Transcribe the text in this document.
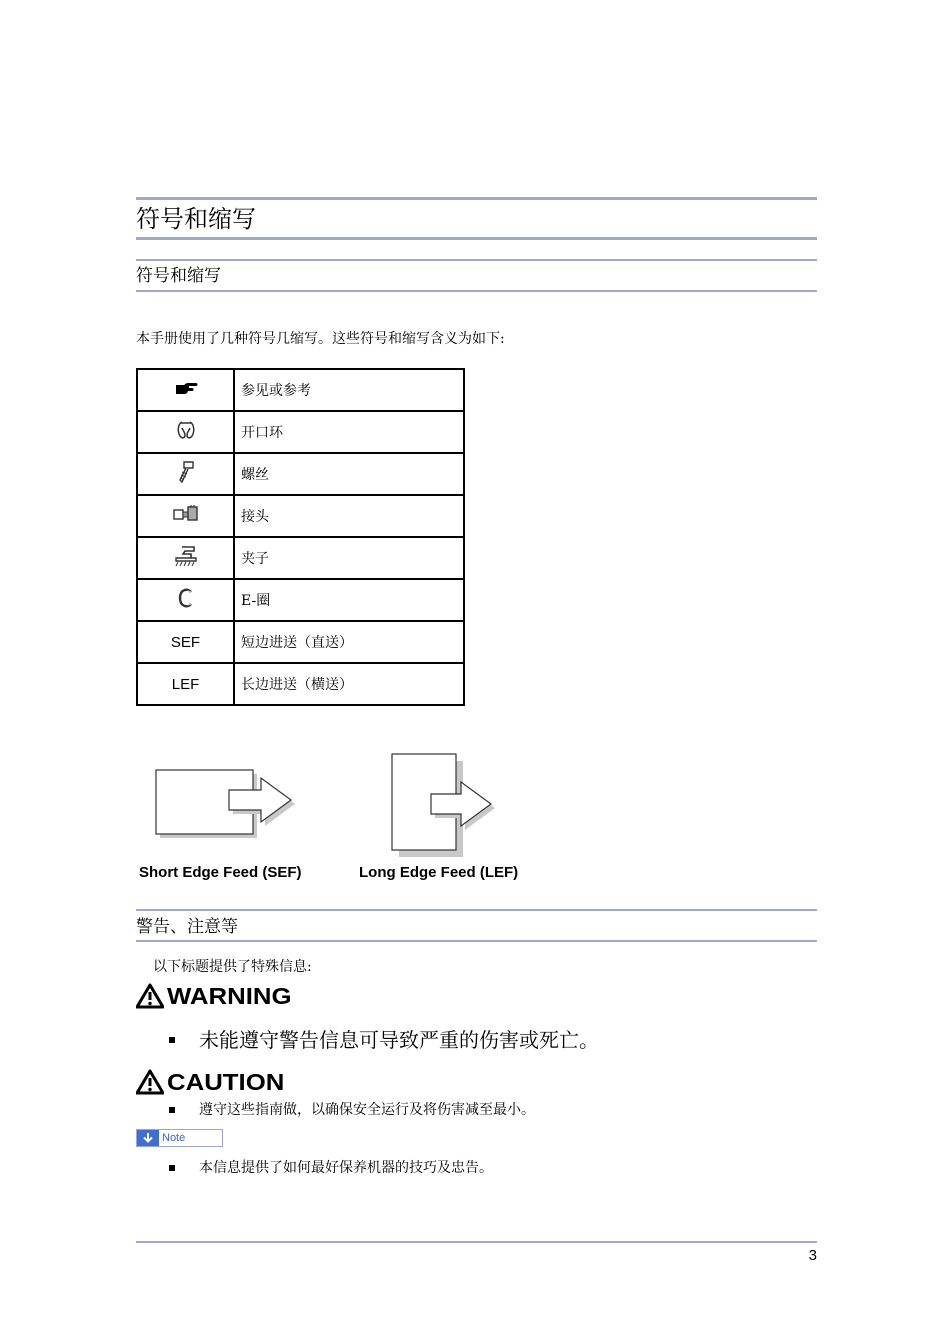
符号和缩写
符号和缩写
本手册使用了几种符号几缩写。这些符号和缩写含义为如下:
	参见或参考
	开口环
	螺丝
	接头
	夹子
	E-圈
SEF	短边进送（直送）
LEF	长边进送（横送）
Short Edge Feed (SEF)	Long Edge Feed (LEF)
警告、注意等
以下标题提供了特殊信息:
WARNING
未能遵守警告信息可导致严重的伤害或死亡。
CAUTION
遵守这些指南做，以确保安全运行及将伤害减至最小。
Note
本信息提供了如何最好保养机器的技巧及忠告。
3
